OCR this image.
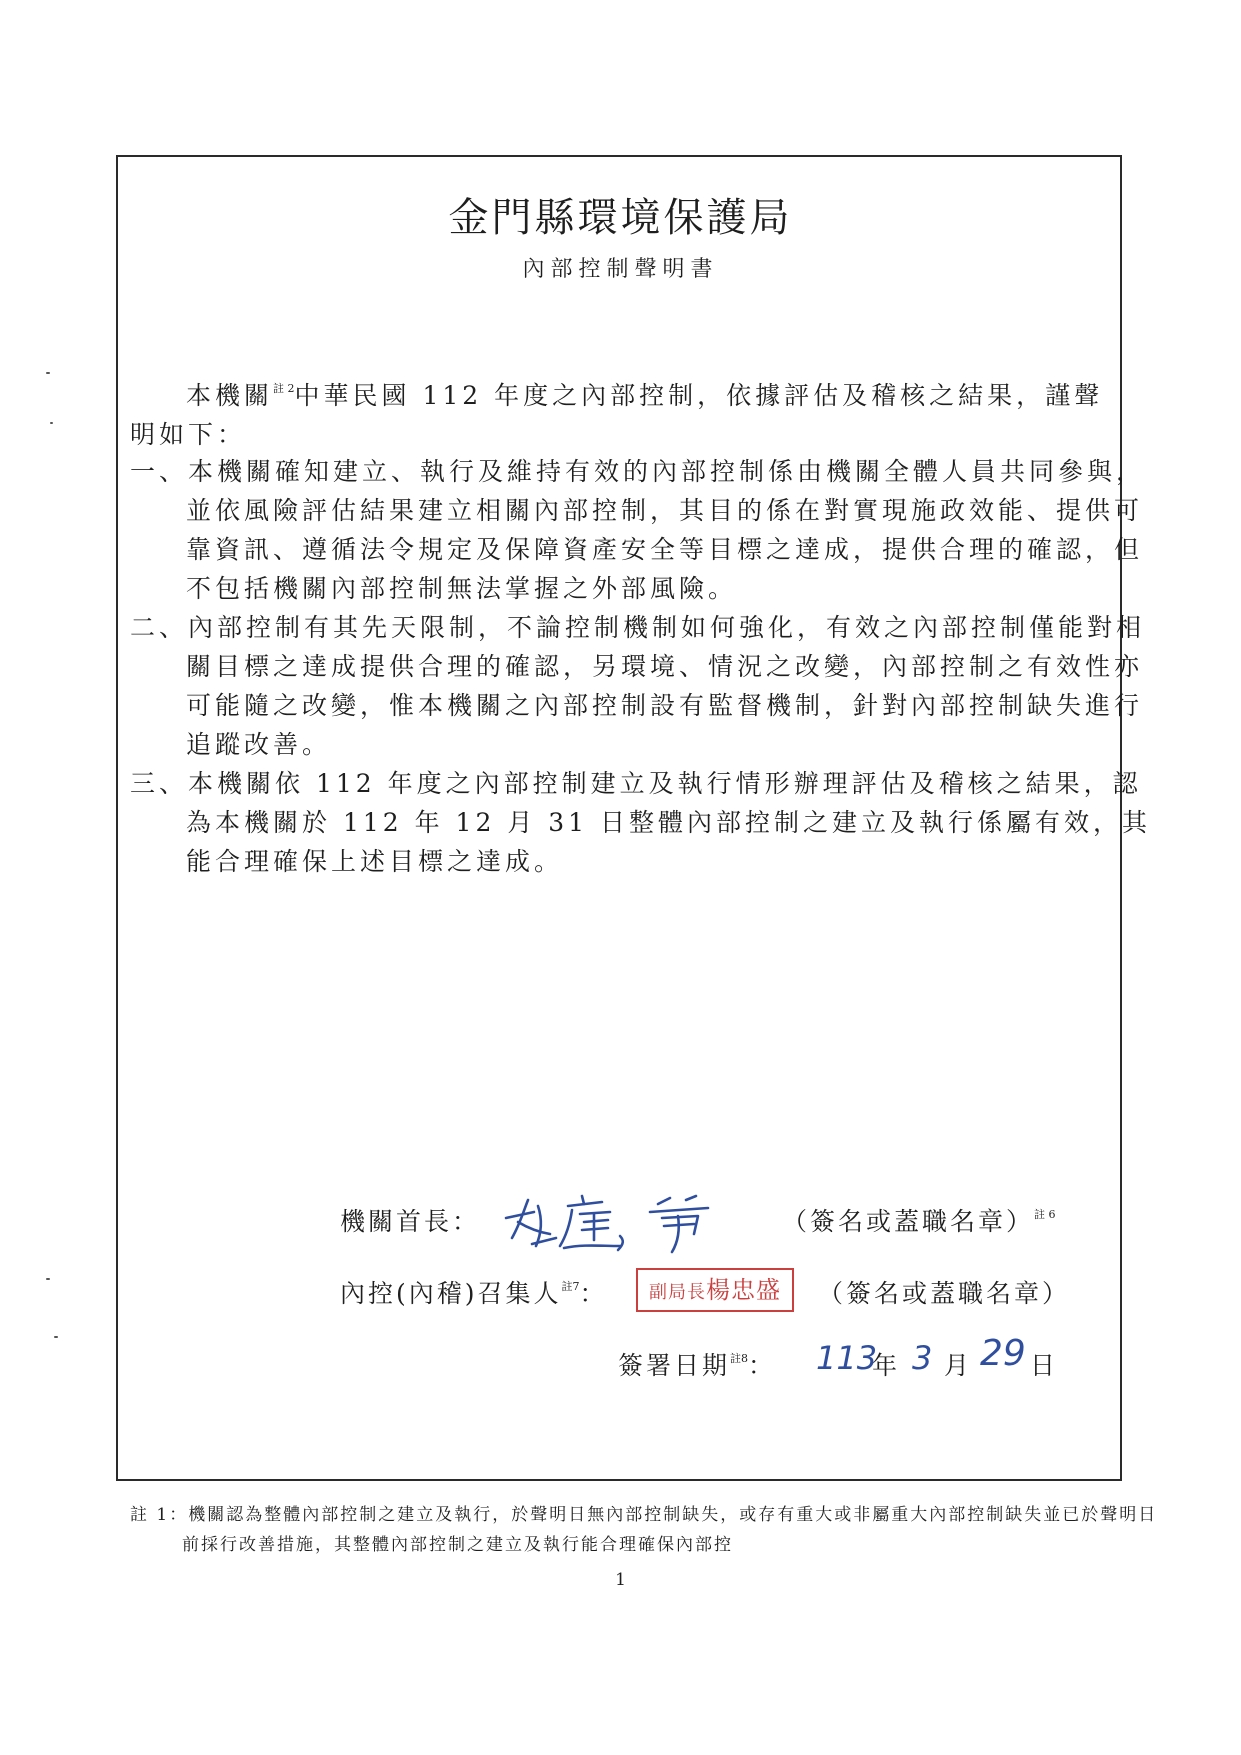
金門縣環境保護局
內部控制聲明書

本機關$^{註 2}$中華民國 112 年度之內部控制，依據評估及稽核之結果，謹聲明如下：

一、本機關確知建立、執行及維持有效的內部控制係由機關全體人員共同參與，並依風險評估結果建立相關內部控制，其目的係在對實現施政效能、提供可靠資訊、遵循法令規定及保障資產安全等目標之達成，提供合理的確認，但不包括機關內部控制無法掌握之外部風險。

二、內部控制有其先天限制，不論控制機制如何強化，有效之內部控制僅能對相關目標之達成提供合理的確認，另環境、情況之改變，內部控制之有效性亦可能隨之改變，惟本機關之內部控制設有監督機制，針對內部控制缺失進行追蹤改善。

三、本機關依 112 年度之內部控制建立及執行情形辦理評估及稽核之結果，認為本機關於 112 年 12 月 31 日整體內部控制之建立及執行係屬有效，其能合理確保上述目標之達成。

機關首長：	（簽名或蓋職名章）$^{註 6}$
內控(內稽)召集人$^{註7}$：	副局長楊忠盛	（簽名或蓋職名章）
簽署日期$^{註8}$： 113
年 3 月 29 日

註 1：機關認為整體內部控制之建立及執行，於聲明日無內部控制缺失，或存有重大或非屬重大內部控制缺失並已於聲明日前採行改善措施，其整體內部控制之建立及執行能合理確保內部控

1
